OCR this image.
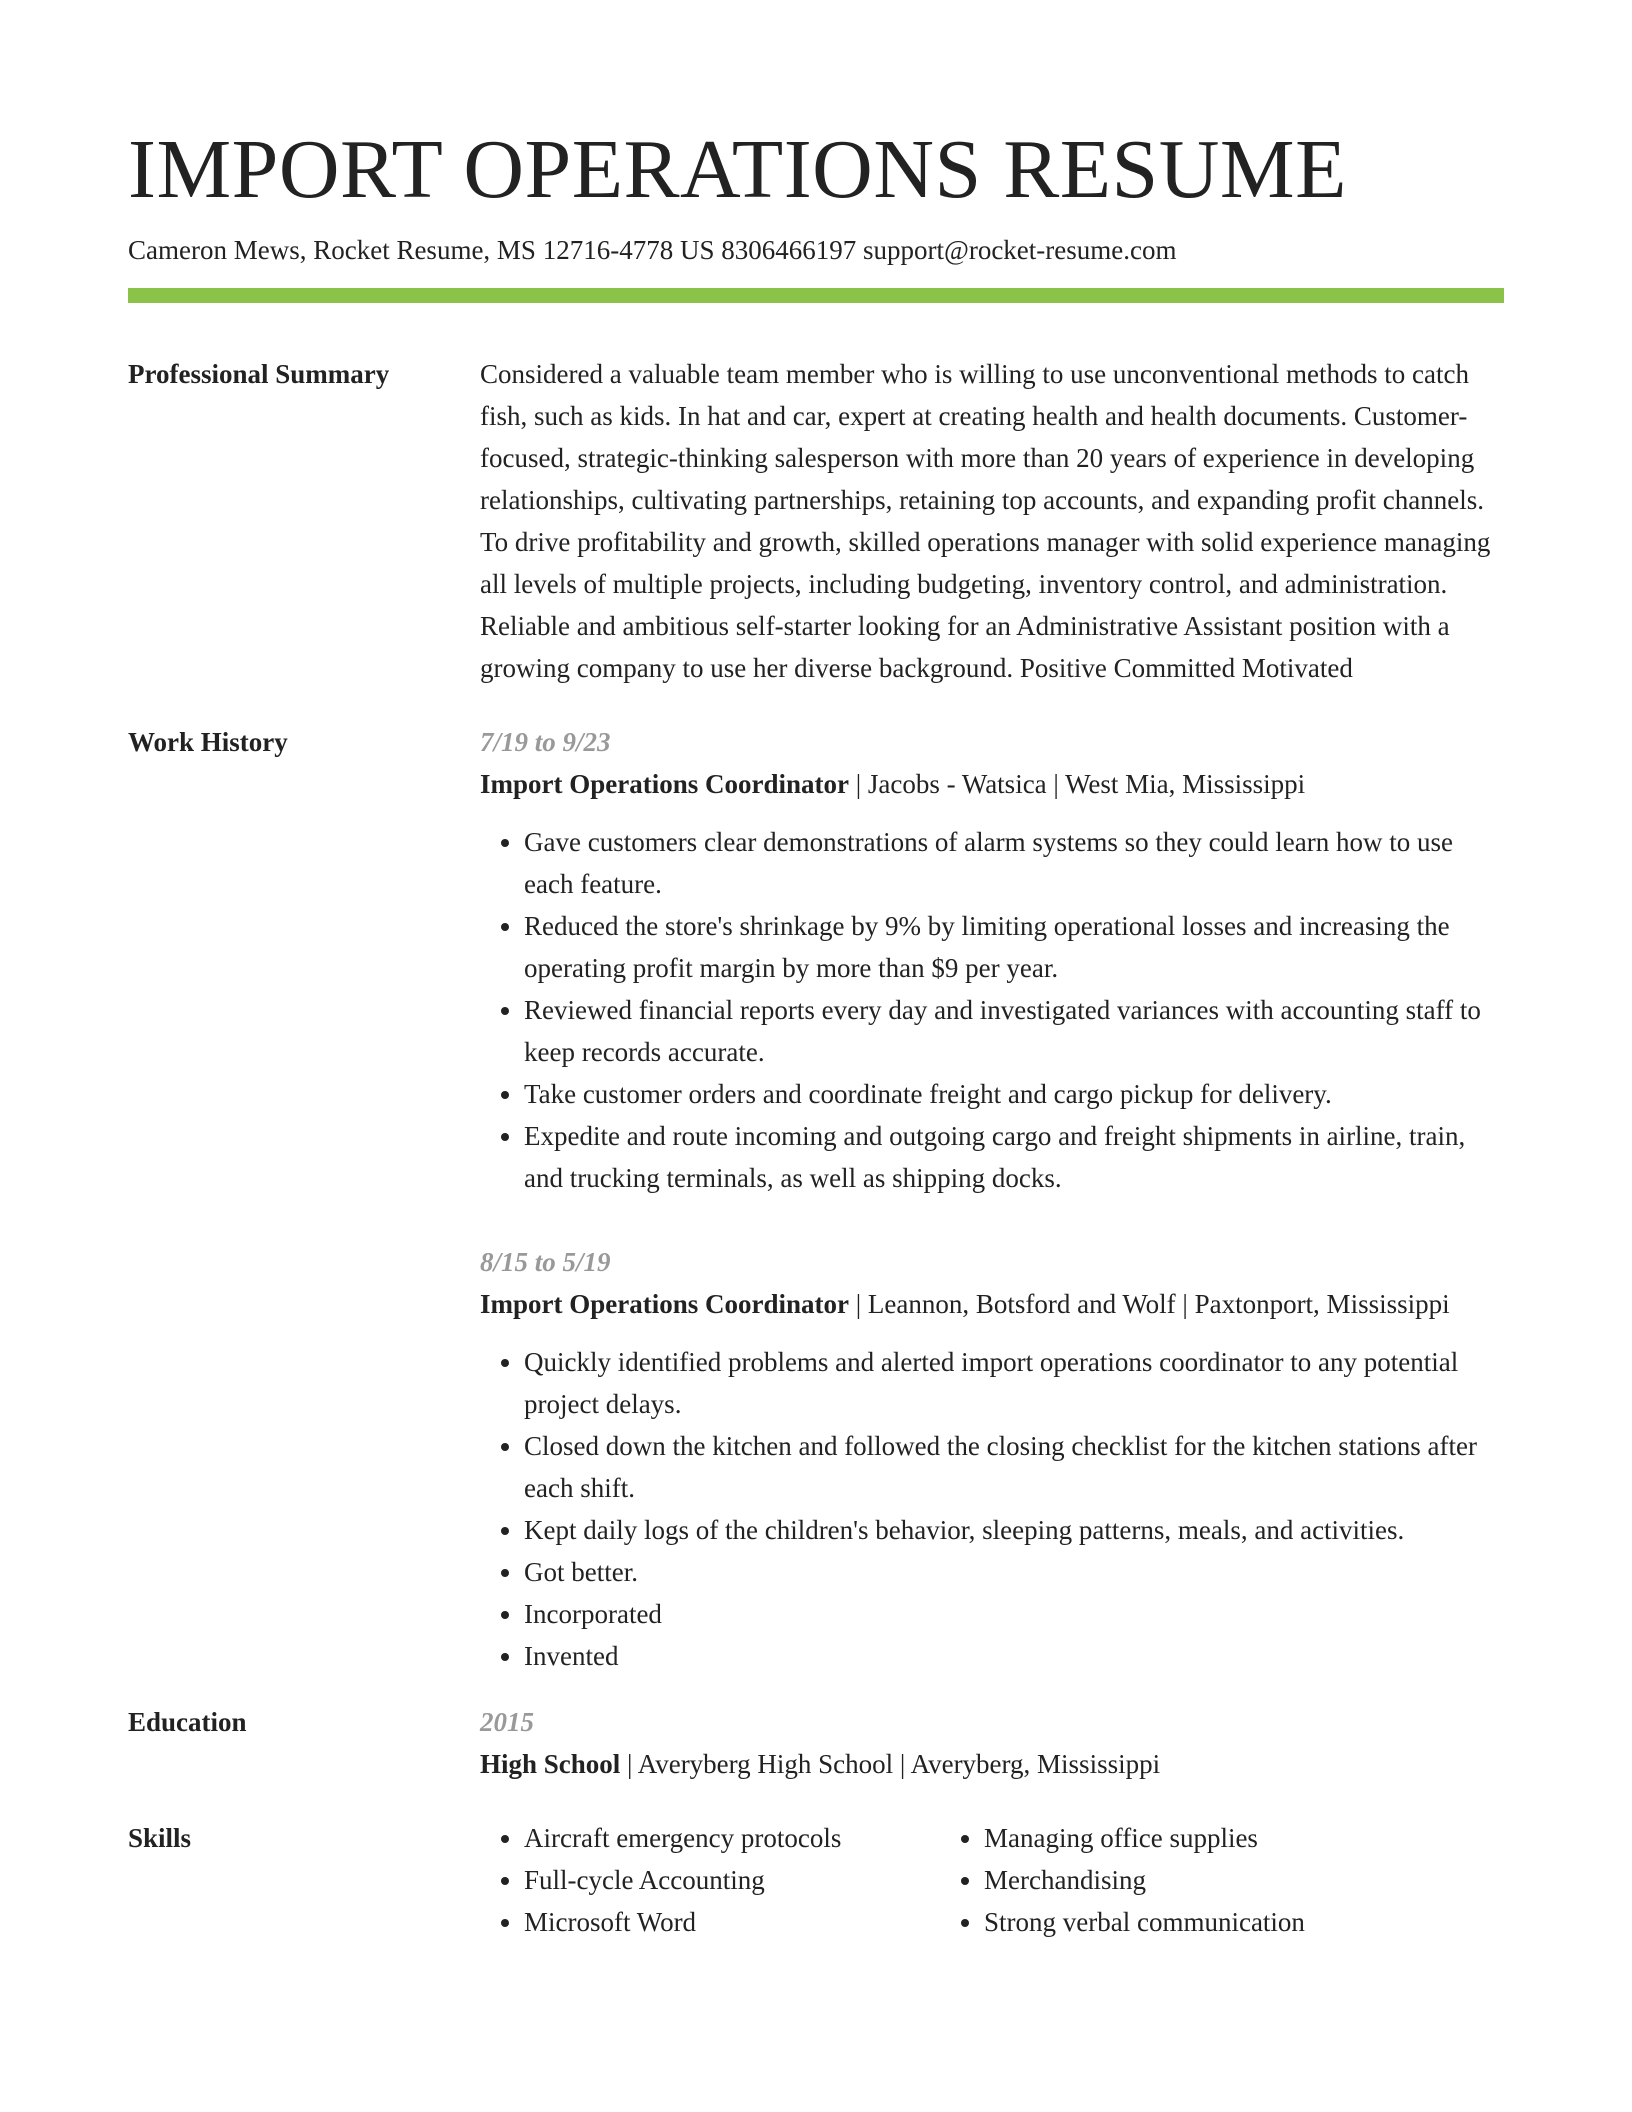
IMPORT OPERATIONS RESUME
Cameron Mews, Rocket Resume, MS 12716-4778 US 8306466197 support@rocket-resume.com
Professional Summary	Considered a valuable team member who is willing to use unconventional methods to catch fish, such as kids. In hat and car, expert at creating health and health documents. Customer-focused, strategic-thinking salesperson with more than 20 years of experience in developing relationships, cultivating partnerships, retaining top accounts, and expanding profit channels. To drive profitability and growth, skilled operations manager with solid experience managing all levels of multiple projects, including budgeting, inventory control, and administration. Reliable and ambitious self-starter looking for an Administrative Assistant position with a growing company to use her diverse background. Positive Committed Motivated

Work History	7/19 to 9/23

Import Operations Coordinator | Jacobs - Watsica | West Mia, Mississippi

• Gave customers clear demonstrations of alarm systems so they could learn how to use each feature.
• Reduced the store's shrinkage by 9% by limiting operational losses and increasing the operating profit margin by more than $9 per year.
• Reviewed financial reports every day and investigated variances with accounting staff to keep records accurate.
• Take customer orders and coordinate freight and cargo pickup for delivery.
• Expedite and route incoming and outgoing cargo and freight shipments in airline, train, and trucking terminals, as well as shipping docks.
8/15 to 5/19

Import Operations Coordinator | Leannon, Botsford and Wolf | Paxtonport, Mississippi

• Quickly identified problems and alerted import operations coordinator to any potential project delays.
• Closed down the kitchen and followed the closing checklist for the kitchen stations after each shift.
• Kept daily logs of the children's behavior, sleeping patterns, meals, and activities.
• Got better.
• Incorporated
• Invented
Education	2015

High School | Averyberg High School | Averyberg, Mississippi

Skills
•	Aircraft emergency protocols
• Full-cycle Accounting
• Microsoft Word
• Managing office supplies
• Merchandising
• Strong verbal communication
